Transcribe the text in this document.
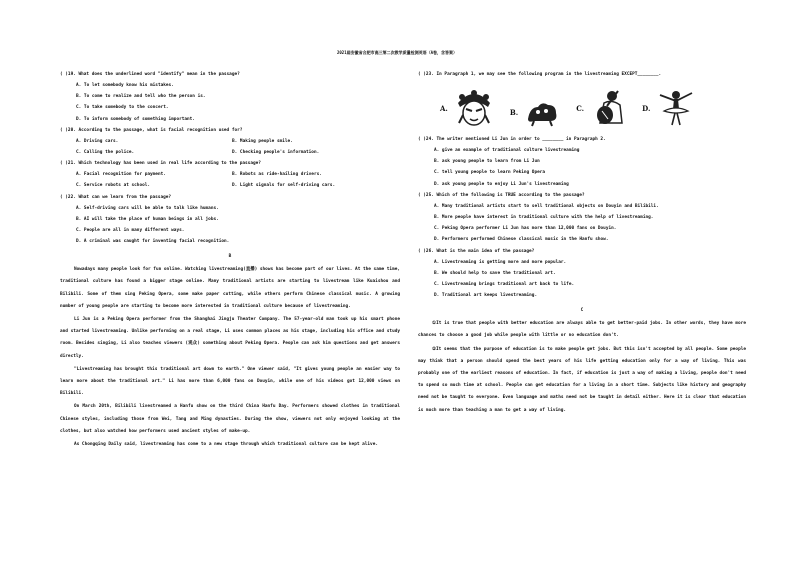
2021届安徽省合肥市高三第二次教学质量检测英语（A卷，含答案）
( )19. What does the underlined word "identify" mean in the passage?
A. To let somebody know his mistakes.
B. To come to realize and tell who the person is.
C. To take somebody to the concert.
D. To inform somebody of something important.
( )20. According to the passage, what is facial recognition used for?
A. Driving cars.	B. Making people smile.
C. Calling the police.	D. Checking people's information.
( )21. Which technology has been used in real life according to the passage?
A. Facial recognition for payment.	B. Robots as ride-hailing drivers.
C. Service robots at school.	D. Light signals for self-driving cars.
( )22. What can we learn from the passage?
A. Self-driving cars will be able to talk like humans.
B. AI will take the place of human beings in all jobs.
C. People are all in many different ways.
D. A criminal was caught for inventing facial recognition.
B
Nowadays many people look for fun online. Watching livestreaming(直播) shows has become part of our lives. At the same time, traditional culture has found a bigger stage online. Many traditional artists are starting to livestream like Kuaishou and Bilibili. Some of them sing Peking Opera, some make paper cutting, while others perform Chinese classical music. A growing number of young people are starting to become more interested in traditional culture because of livestreaming.
Li Jun is a Peking Opera performer from the Shanghai Jingju Theater Company. The 57-year-old man took up his smart phone and started livestreaming. Unlike performing on a real stage, Li uses common places as his stage, including his office and study room. Besides singing, Li also teaches viewers (观众) something about Peking Opera. People can ask him questions and get answers directly.
"Livestreaming has brought this traditional art down to earth." One viewer said, "It gives young people an easier way to learn more about the traditional art." Li has more than 6,000 fans on Douyin, while one of his videos got 12,000 views on Bilibili.
On March 20th, Bilibili livestreamed a Hanfu show on the third China Hanfu Day. Performers showed clothes in traditional Chinese styles, including those from Wei, Tang and Ming dynasties. During the show, viewers not only enjoyed looking at the clothes, but also watched how performers used ancient styles of make-up.
As Chongqing Daily said, livestreaming has come to a new stage through which traditional culture can be kept alive.
( )23. In Paragraph 1, we may see the following program in the livestreaming EXCEPT________.
A.	B.	C.	D.
( )24. The writer mentioned Li Jun in order to ________ in Paragraph 2.
A. give an example of traditional culture livestreaming
B. ask young people to learn from Li Jun
C. tell young people to learn Peking Opera
D. ask young people to enjoy Li Jun's livestreaming
( )25. Which of the following is TRUE according to the passage?
A. Many traditional artists start to sell traditional objects on Douyin and Bilibili.
B. More people have interest in traditional culture with the help of livestreaming.
C. Peking Opera performer Li Jun has more than 12,000 fans on Douyin.
D. Performers performed Chinese classical music in the Hanfu show.
( )26. What is the main idea of the passage?
A. Livestreaming is getting more and more popular.
B. We should help to save the traditional art.
C. Livestreaming brings traditional art back to life.
D. Traditional art keeps livestreaming.
C
①It is true that people with better education are always able to get better-paid jobs. In other words, they have more chances to choose a good job while people with little or no education don't.
②It seems that the purpose of education is to make people get jobs. But this isn't accepted by all people. Some people may think that a person should spend the best years of his life getting education only for a way of living. This was probably one of the earliest reasons of education. In fact, if education is just a way of making a living, people don't need to spend so much time at school. People can get education for a living in a short time. Subjects like history and geography need not be taught to everyone. Even language and maths need not be taught in detail either. Here it is clear that education is much more than teaching a man to get a way of living.
